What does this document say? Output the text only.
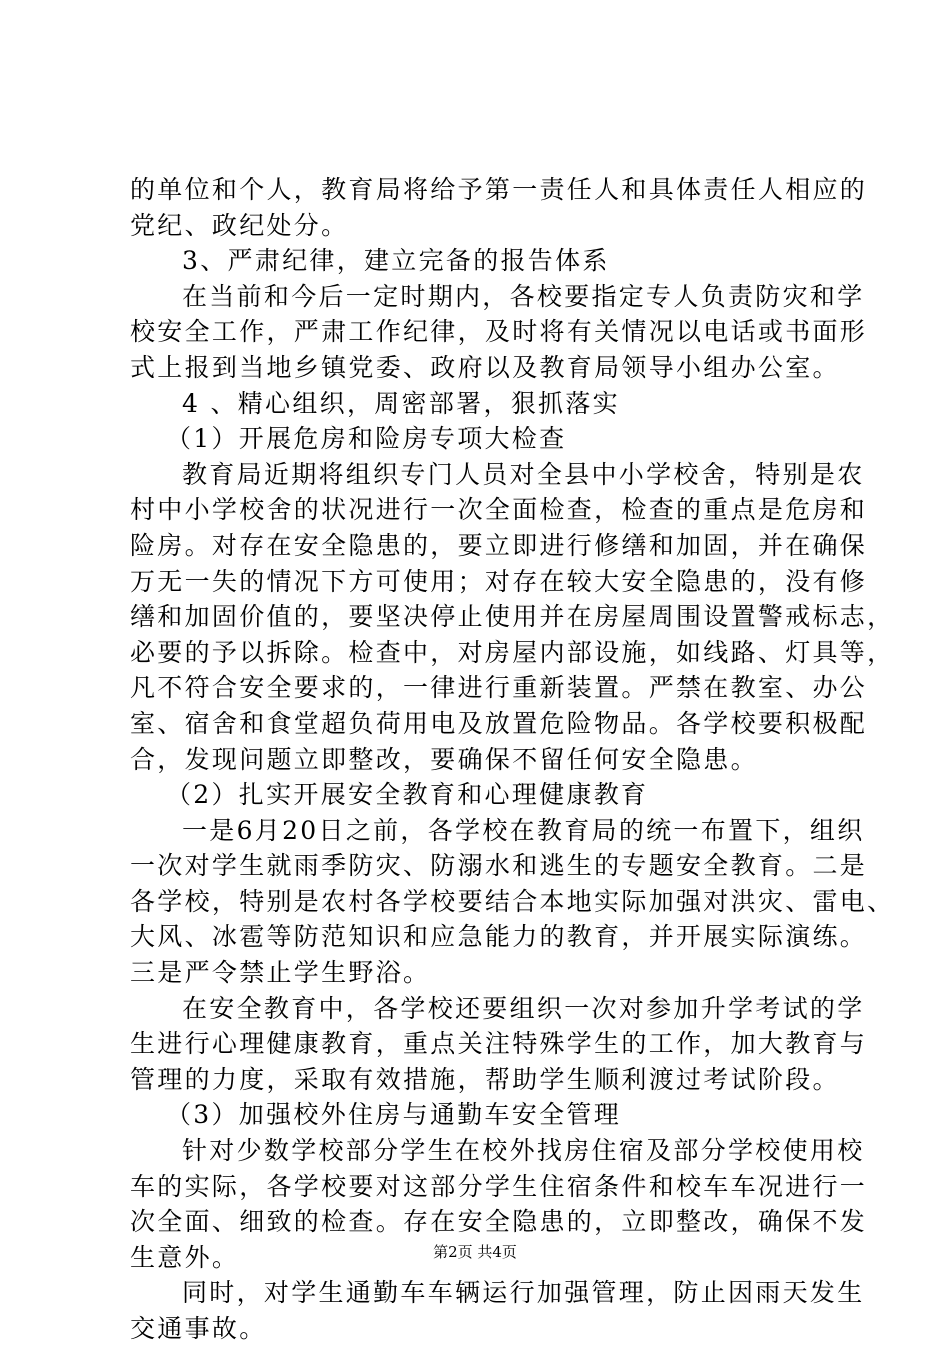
的单位和个人，教育局将给予第一责任人和具体责任人相应的
党纪、政纪处分。
3、严肃纪律，建立完备的报告体系
在当前和今后一定时期内，各校要指定专人负责防灾和学
校安全工作，严肃工作纪律，及时将有关情况以电话或书面形
式上报到当地乡镇党委、政府以及教育局领导小组办公室。
4 、精心组织，周密部署，狠抓落实
（1）开展危房和险房专项大检查
教育局近期将组织专门人员对全县中小学校舍，特别是农
村中小学校舍的状况进行一次全面检查，检查的重点是危房和
险房。对存在安全隐患的，要立即进行修缮和加固，并在确保
万无一失的情况下方可使用；对存在较大安全隐患的，没有修
缮和加固价值的，要坚决停止使用并在房屋周围设置警戒标志，
必要的予以拆除。检查中，对房屋内部设施，如线路、灯具等，
凡不符合安全要求的，一律进行重新装置。严禁在教室、办公
室、宿舍和食堂超负荷用电及放置危险物品。各学校要积极配
合，发现问题立即整改，要确保不留任何安全隐患。
（2）扎实开展安全教育和心理健康教育
一是6月20日之前，各学校在教育局的统一布置下，组织
一次对学生就雨季防灾、防溺水和逃生的专题安全教育。二是
各学校，特别是农村各学校要结合本地实际加强对洪灾、雷电、
大风、冰雹等防范知识和应急能力的教育，并开展实际演练。
三是严令禁止学生野浴。
在安全教育中，各学校还要组织一次对参加升学考试的学
生进行心理健康教育，重点关注特殊学生的工作，加大教育与
管理的力度，采取有效措施，帮助学生顺利渡过考试阶段。
（3）加强校外住房与通勤车安全管理
针对少数学校部分学生在校外找房住宿及部分学校使用校
车的实际，各学校要对这部分学生住宿条件和校车车况进行一
次全面、细致的检查。存在安全隐患的，立即整改，确保不发
生意外。
同时，对学生通勤车车辆运行加强管理，防止因雨天发生
交通事故。
第2页 共4页
